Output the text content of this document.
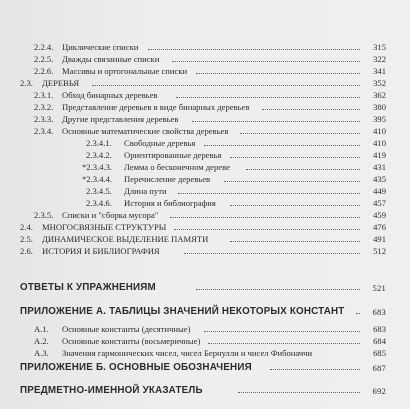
2.2.4. Циклические списки	315
2.2.5. Дважды связанные списки	322
2.2.6. Массивы и ортогональные списки	341
2.3. ДЕРЕВЬЯ	352
2.3.1. Обход бинарных деревьев	362
2.3.2. Представление деревьев в виде бинарных деревьев	380
2.3.3. Другие представления деревьев	395
2.3.4. Основные математические свойства деревьев	410
2.3.4.1. Свободные деревья	410
2.3.4.2. Ориентированные деревья	419
*2.3.4.3. Лемма о бесконечном дереве	431
*2.3.4.4. Перечисление деревьев	435
2.3.4.5. Длина пути	449
2.3.4.6. История и библиография	457
2.3.5. Списки и "сборка мусора"	459
2.4. МНОГОСВЯЗНЫЕ СТРУКТУРЫ	476
2.5. ДИНАМИЧЕСКОЕ ВЫДЕЛЕНИЕ ПАМЯТИ	491
2.6. ИСТОРИЯ И БИБЛИОГРАФИЯ	512
ОТВЕТЫ К УПРАЖНЕНИЯМ	521
ПРИЛОЖЕНИЕ А. ТАБЛИЦЫ ЗНАЧЕНИЙ НЕКОТОРЫХ КОНСТАНТ	683
A.1. Основные константы (десятичные)	683
A.2. Основные константы (восьмеричные)	684
A.3. Значения гармонических чисел, чисел Бернулли и чисел Фибоначчи	685
ПРИЛОЖЕНИЕ Б. ОСНОВНЫЕ ОБОЗНАЧЕНИЯ	687
ПРЕДМЕТНО-ИМЕННОЙ УКАЗАТЕЛЬ	692
